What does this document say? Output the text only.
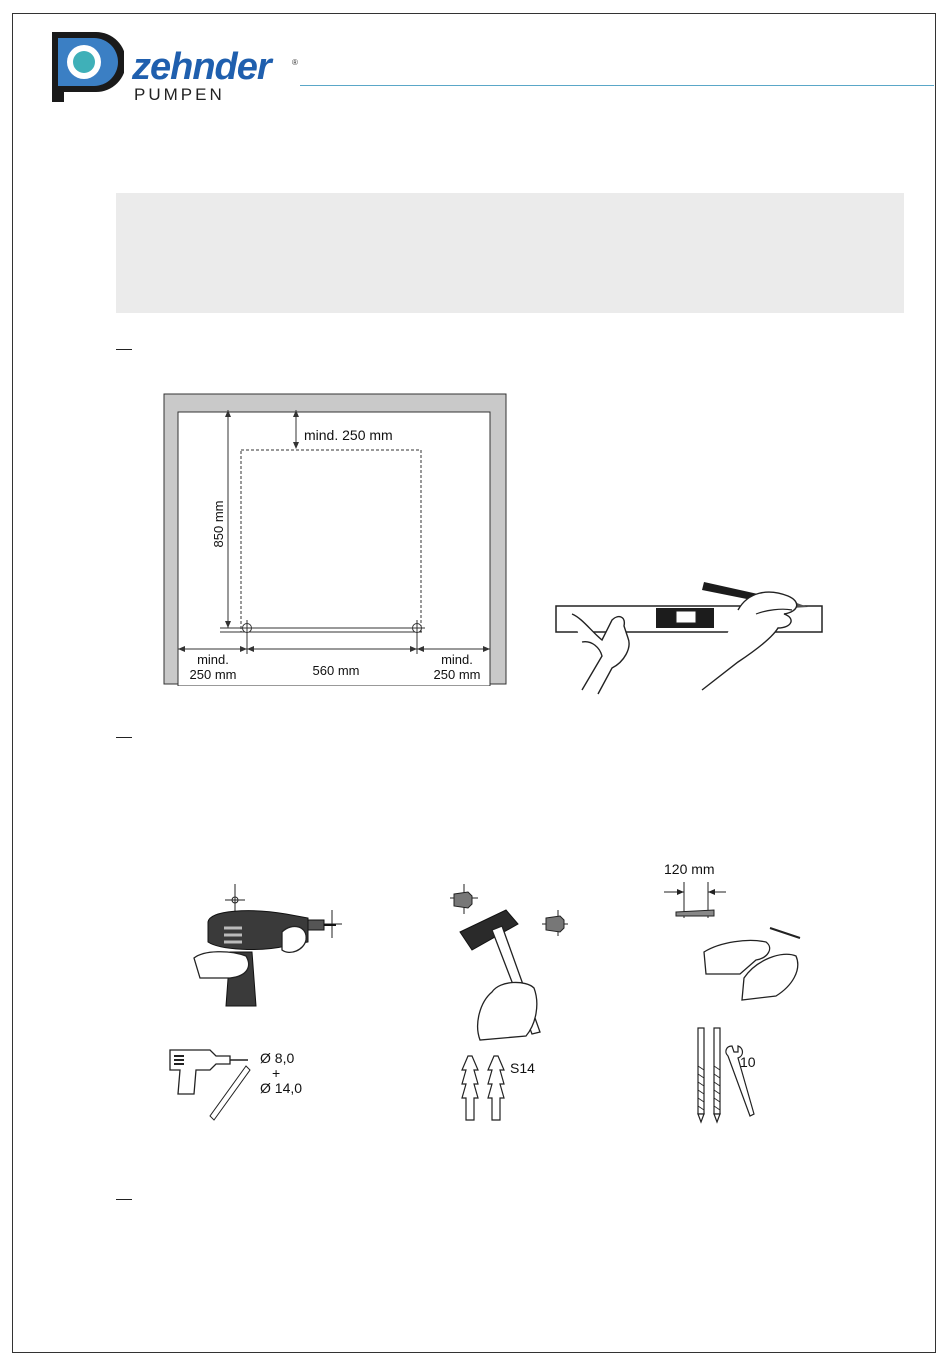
zehnder	®
PUMPEN
850 mm
mind. 250 mm
mind.
250 mm	560 mm
mind.
250 mm
Ø 8,0
+
Ø 14,0
S14	10
120 mm
